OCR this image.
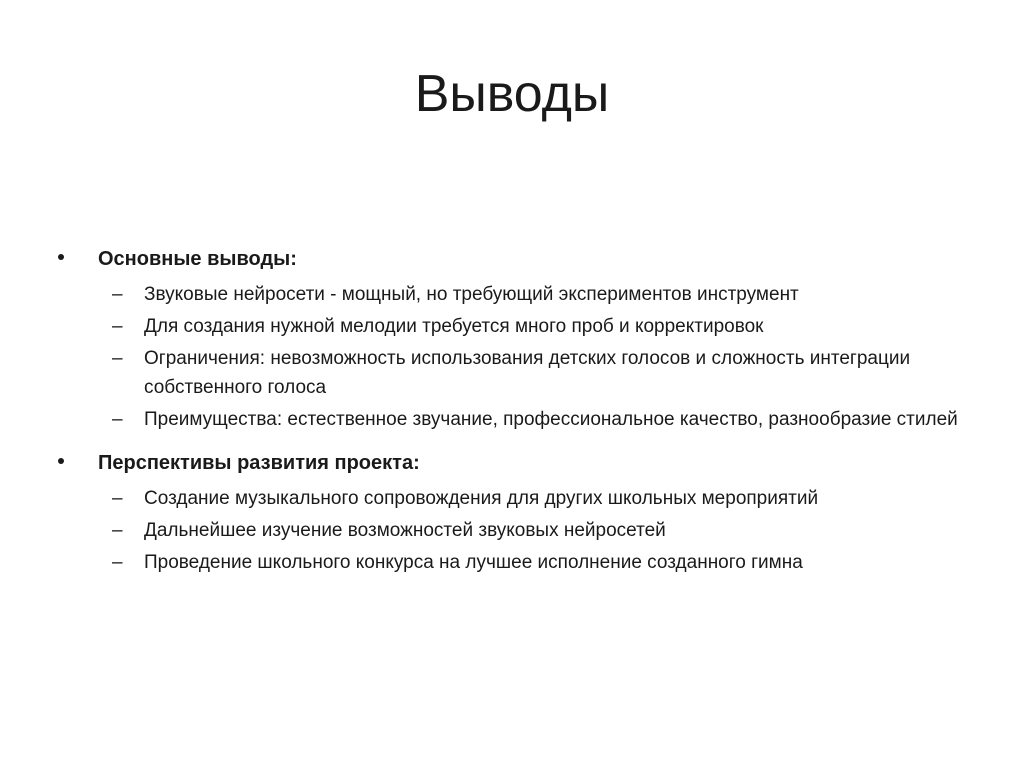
Выводы
Основные выводы:
– Звуковые нейросети - мощный, но требующий экспериментов инструмент
– Для создания нужной мелодии требуется много проб и корректировок
– Ограничения: невозможность использования детских голосов и сложность интеграции собственного голоса
– Преимущества: естественное звучание, профессиональное качество, разнообразие стилей
Перспективы развития проекта:
– Создание музыкального сопровождения для других школьных мероприятий
– Дальнейшее изучение возможностей звуковых нейросетей
– Проведение школьного конкурса на лучшее исполнение созданного гимна
